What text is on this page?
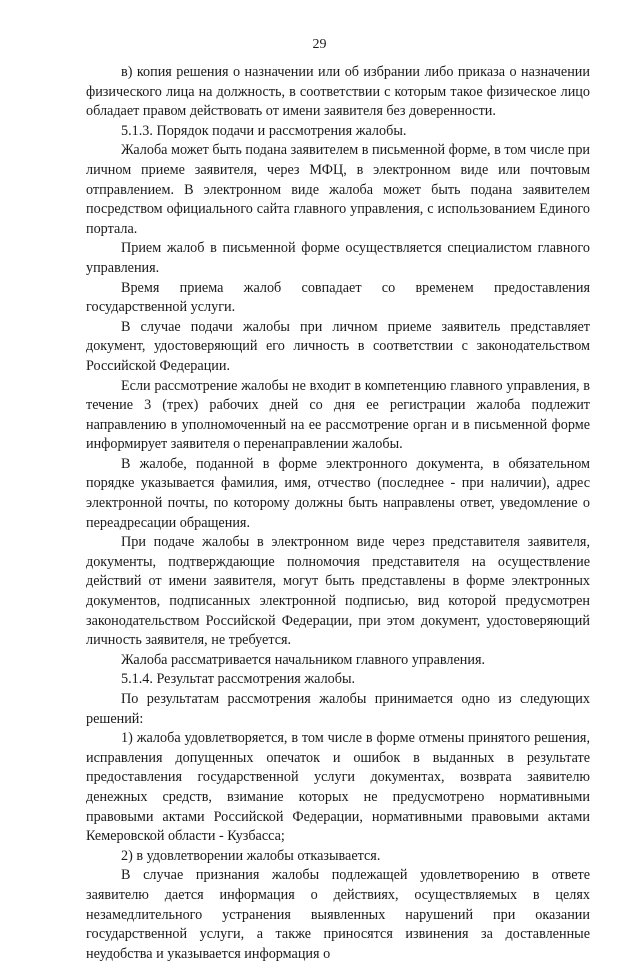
29

в) копия решения о назначении или об избрании либо приказа о назначении физического лица на должность, в соответствии с которым такое физическое лицо обладает правом действовать от имени заявителя без доверенности.

5.1.3. Порядок подачи и рассмотрения жалобы.

Жалоба может быть подана заявителем в письменной форме, в том числе при личном приеме заявителя, через МФЦ, в электронном виде или почтовым отправлением. В электронном виде жалоба может быть подана заявителем посредством официального сайта главного управления, с использованием Единого портала.

Прием жалоб в письменной форме осуществляется специалистом главного управления.

Время приема жалоб совпадает со временем предоставления государственной услуги.

В случае подачи жалобы при личном приеме заявитель представляет документ, удостоверяющий его личность в соответствии с законодательством Российской Федерации.

Если рассмотрение жалобы не входит в компетенцию главного управления, в течение 3 (трех) рабочих дней со дня ее регистрации жалоба подлежит направлению в уполномоченный на ее рассмотрение орган и в письменной форме информирует заявителя о перенаправлении жалобы.

В жалобе, поданной в форме электронного документа, в обязательном порядке указывается фамилия, имя, отчество (последнее - при наличии), адрес электронной почты, по которому должны быть направлены ответ, уведомление о переадресации обращения.

При подаче жалобы в электронном виде через представителя заявителя, документы, подтверждающие полномочия представителя на осуществление действий от имени заявителя, могут быть представлены в форме электронных документов, подписанных электронной подписью, вид которой предусмотрен законодательством Российской Федерации, при этом документ, удостоверяющий личность заявителя, не требуется.

Жалоба рассматривается начальником главного управления.

5.1.4. Результат рассмотрения жалобы.

По результатам рассмотрения жалобы принимается одно из следующих решений:

1) жалоба удовлетворяется, в том числе в форме отмены принятого решения, исправления допущенных опечаток и ошибок в выданных в результате предоставления государственной услуги документах, возврата заявителю денежных средств, взимание которых не предусмотрено нормативными правовыми актами Российской Федерации, нормативными правовыми актами Кемеровской области - Кузбасса;

2) в удовлетворении жалобы отказывается.

В случае признания жалобы подлежащей удовлетворению в ответе заявителю дается информация о действиях, осуществляемых в целях незамедлительного устранения выявленных нарушений при оказании государственной услуги, а также приносятся извинения за доставленные неудобства и указывается информация о
